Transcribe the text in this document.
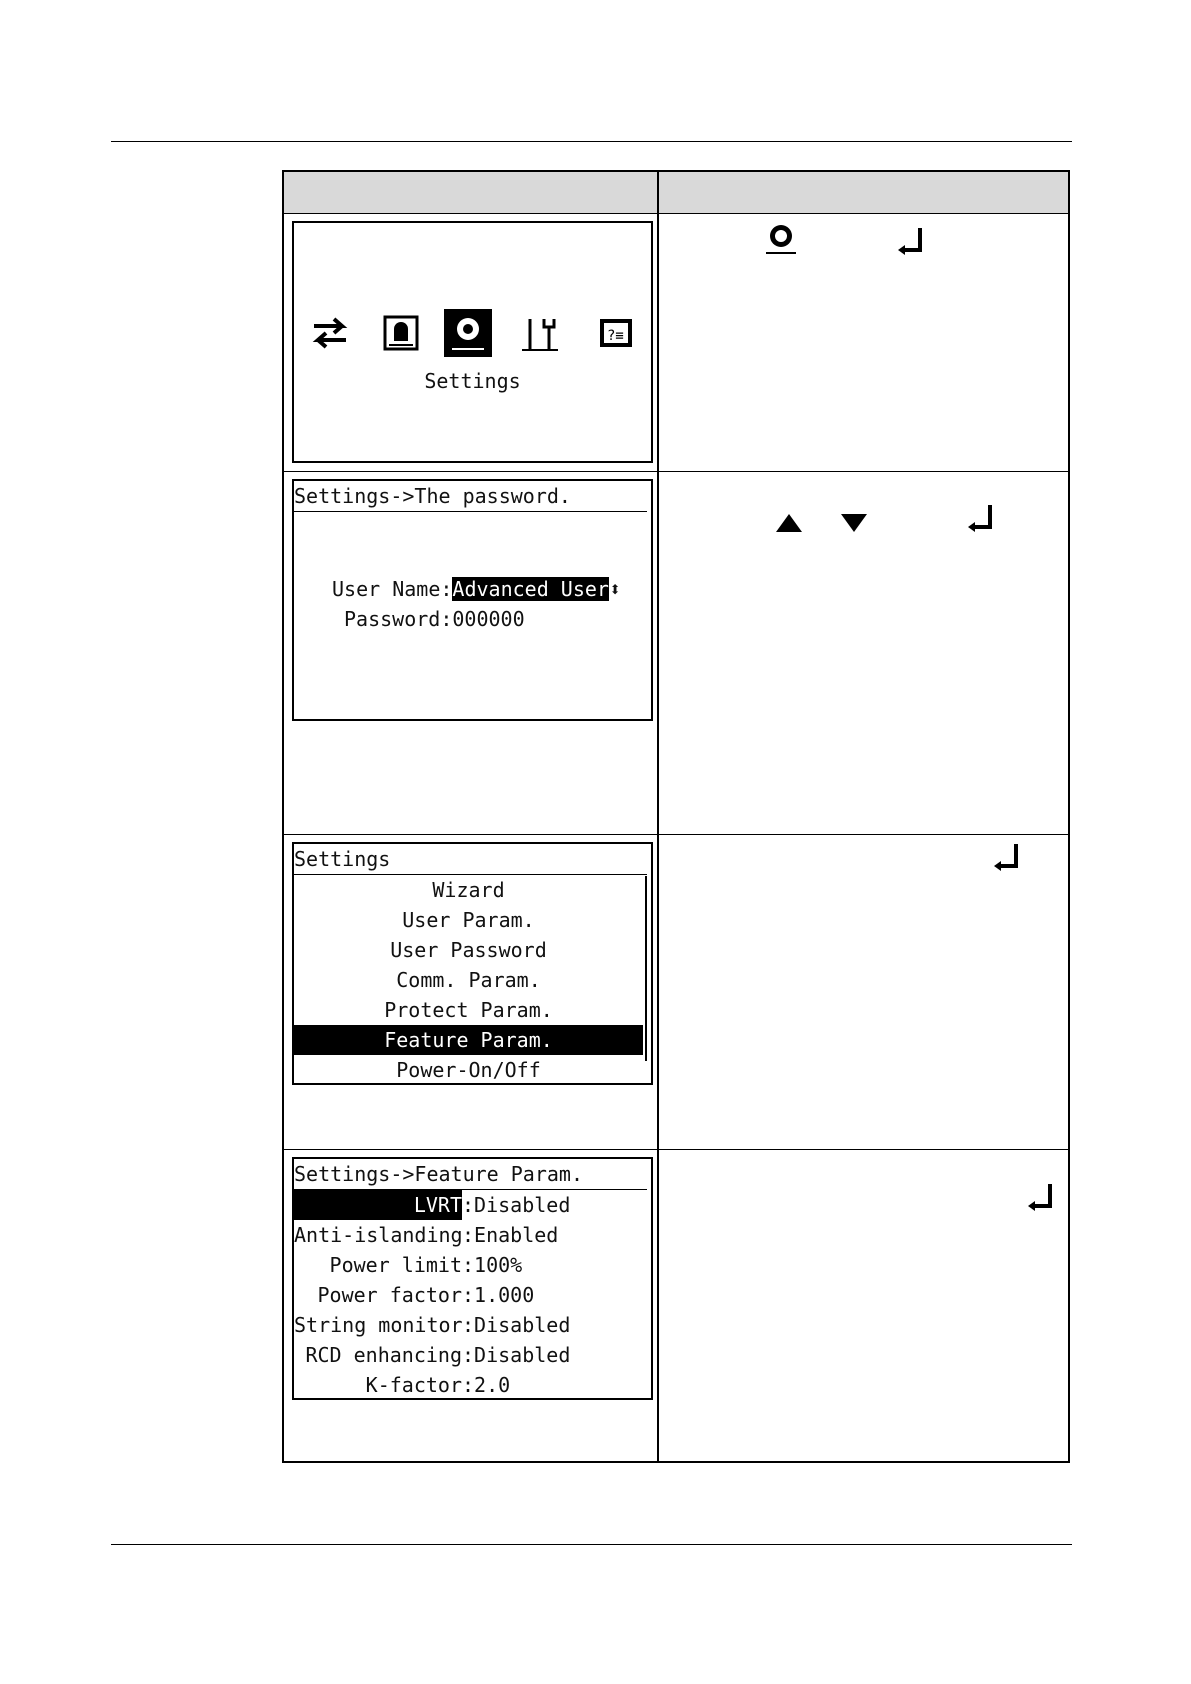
?≡
Settings
Settings->The password.
User Name:Advanced User⬍
Password:000000
Settings
Wizard
User Param.
User Password
Comm. Param.
Protect Param.
Feature Param.
Power-On/Off
Settings->Feature Param.
LVRT:Disabled
Anti-islanding:Enabled
Power limit:100%
Power factor:1.000
String monitor:Disabled
RCD enhancing:Disabled
K-factor:2.0
